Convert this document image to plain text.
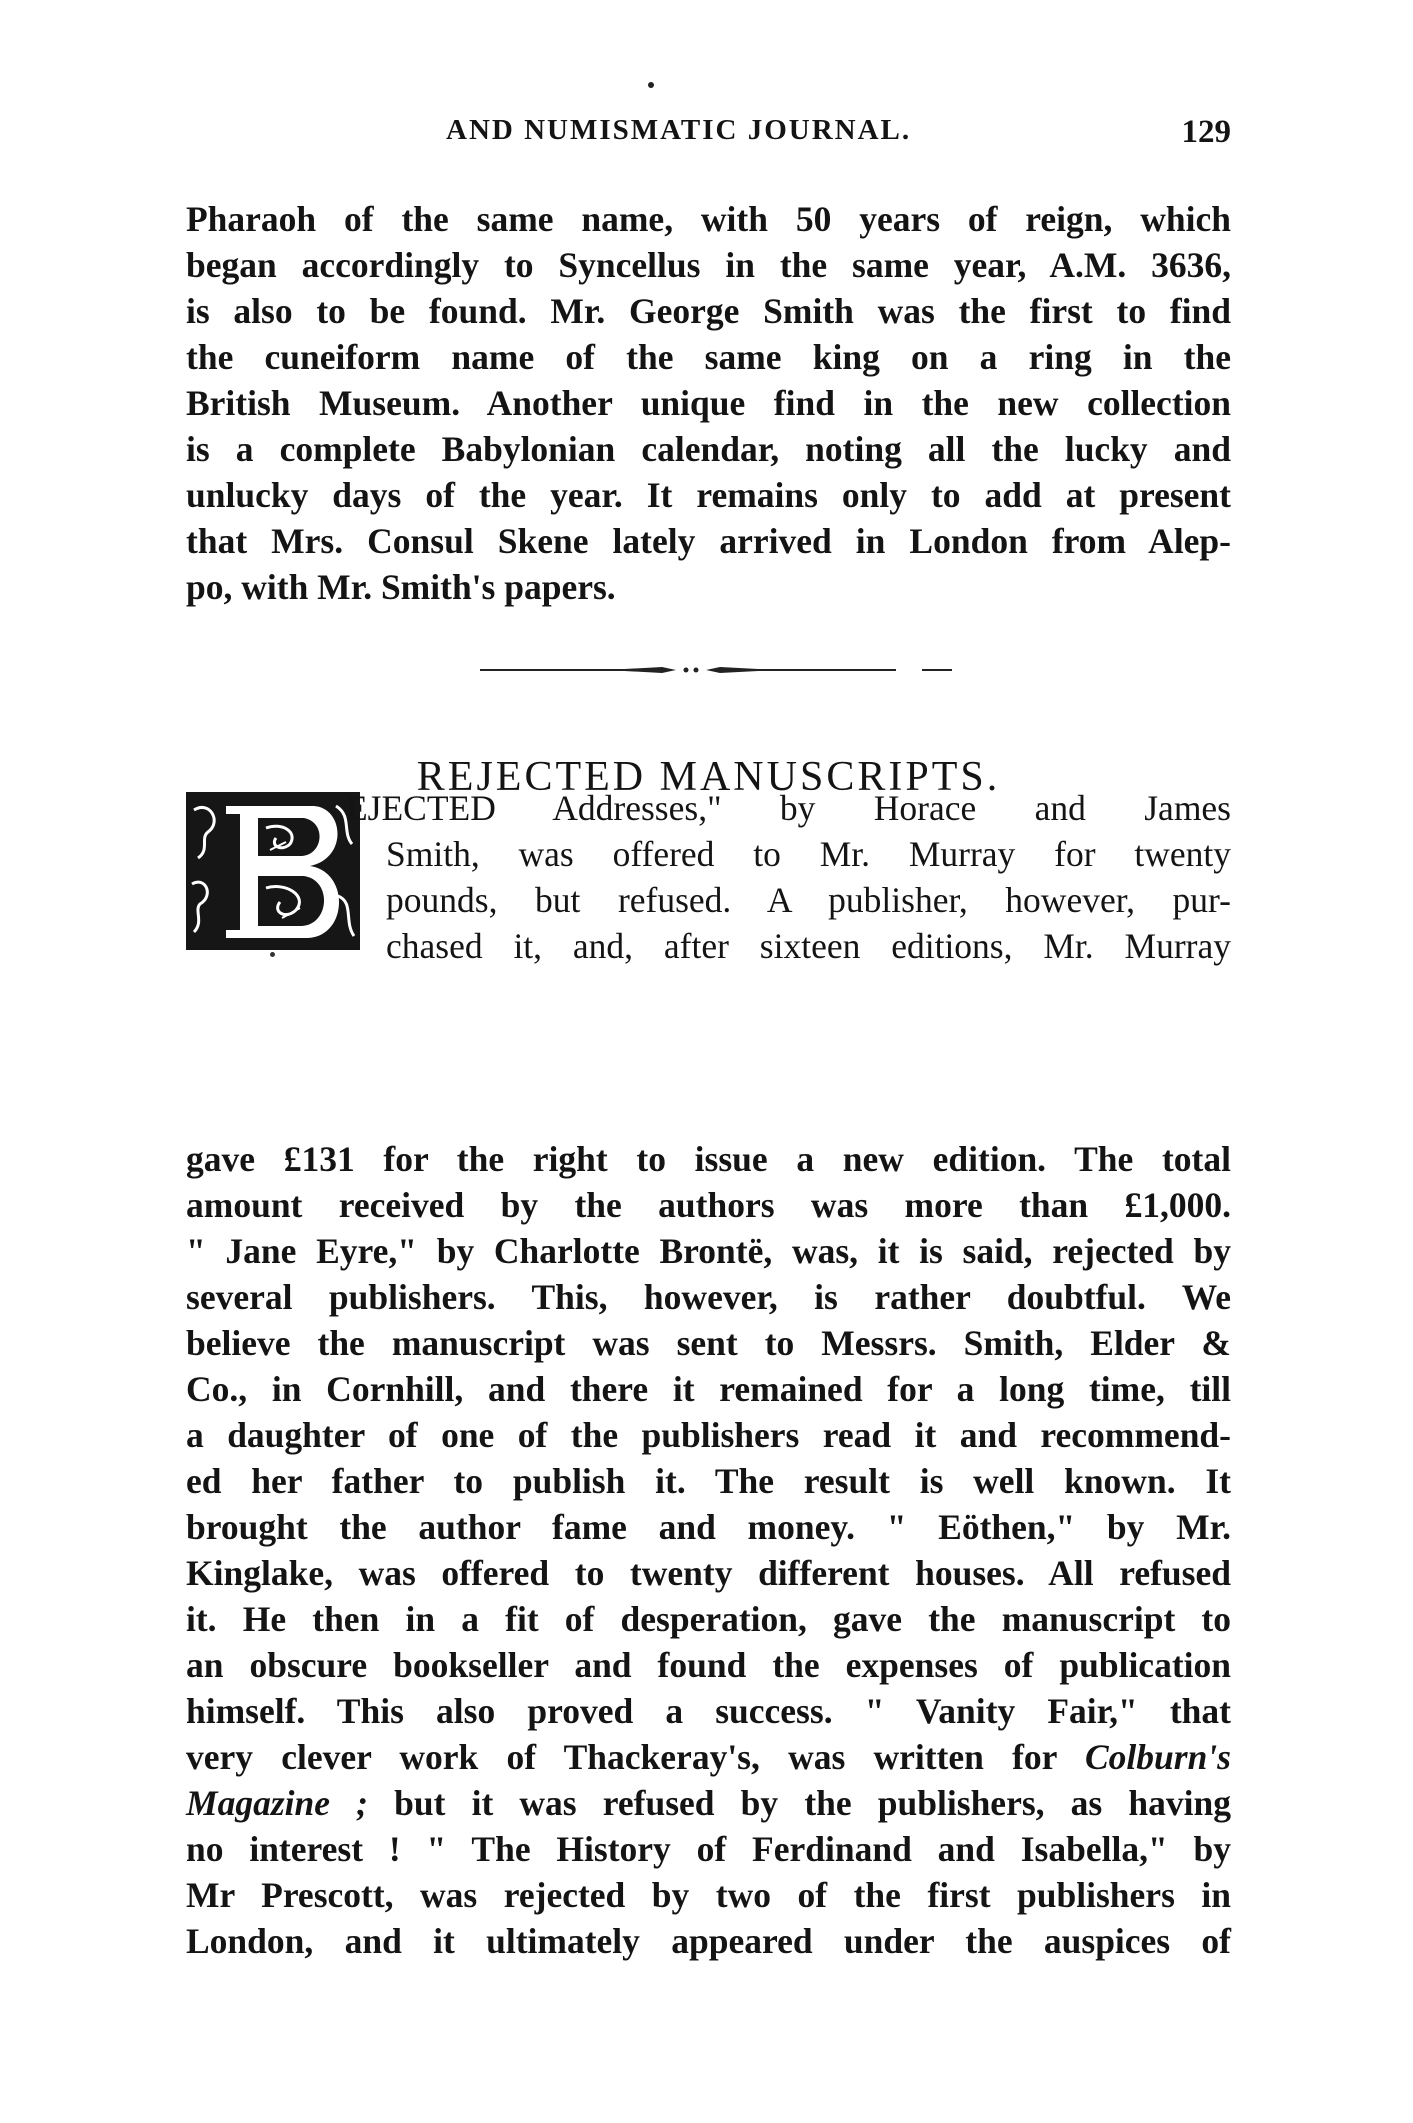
AND NUMISMATIC JOURNAL.	129
Pharaoh of the same name, with 50 years of reign, which
began accordingly to Syncellus in the same year, A.M. 3636,
is also to be found. Mr. George Smith was the first to find
the cuneiform name of the same king on a ring in the
British Museum. Another unique find in the new collection
is a complete Babylonian calendar, noting all the lucky and
unlucky days of the year. It remains only to add at present
that Mrs. Consul Skene lately arrived in London from Alep-
po, with Mr. Smith's papers.
REJECTED MANUSCRIPTS.
EJECTED Addresses," by Horace and James
Smith, was offered to Mr. Murray for twenty
pounds, but refused. A publisher, however, pur-
chased it, and, after sixteen editions, Mr. Murray
gave £131 for the right to issue a new edition. The total
amount received by the authors was more than £1,000.
" Jane Eyre," by Charlotte Brontë, was, it is said, rejected by
several publishers. This, however, is rather doubtful. We
believe the manuscript was sent to Messrs. Smith, Elder &
Co., in Cornhill, and there it remained for a long time, till
a daughter of one of the publishers read it and recommend-
ed her father to publish it. The result is well known. It
brought the author fame and money. " Eöthen," by Mr.
Kinglake, was offered to twenty different houses. All refused
it. He then in a fit of desperation, gave the manuscript to
an obscure bookseller and found the expenses of publication
himself. This also proved a success. " Vanity Fair," that
very clever work of Thackeray's, was written for Colburn's
Magazine ; but it was refused by the publishers, as having
no interest ! " The History of Ferdinand and Isabella," by
Mr Prescott, was rejected by two of the first publishers in
London, and it ultimately appeared under the auspices of
